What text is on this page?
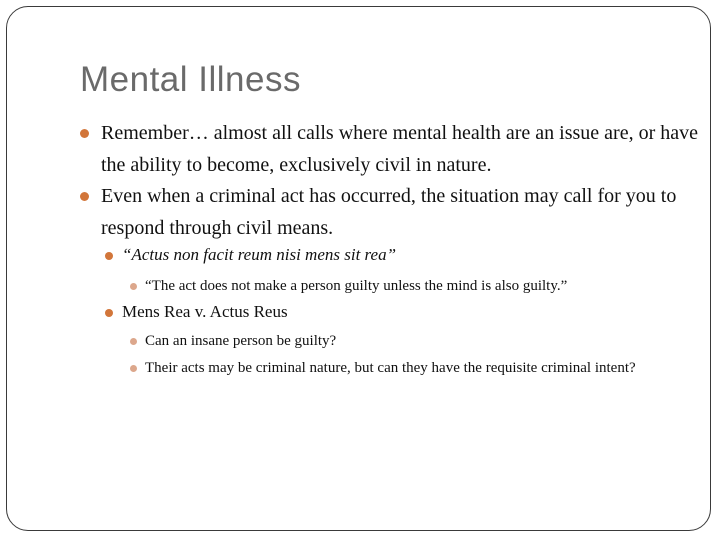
Mental Illness
Remember… almost all calls where mental health are an issue are, or have the ability to become, exclusively civil in nature.
Even when a criminal act has occurred, the situation may call for you to respond through civil means.
“Actus non facit reum nisi mens sit rea”
“The act does not make a person guilty unless the mind is also guilty.”
Mens Rea v. Actus Reus
Can an insane person be guilty?
Their acts may be criminal nature, but can they have the requisite criminal intent?
